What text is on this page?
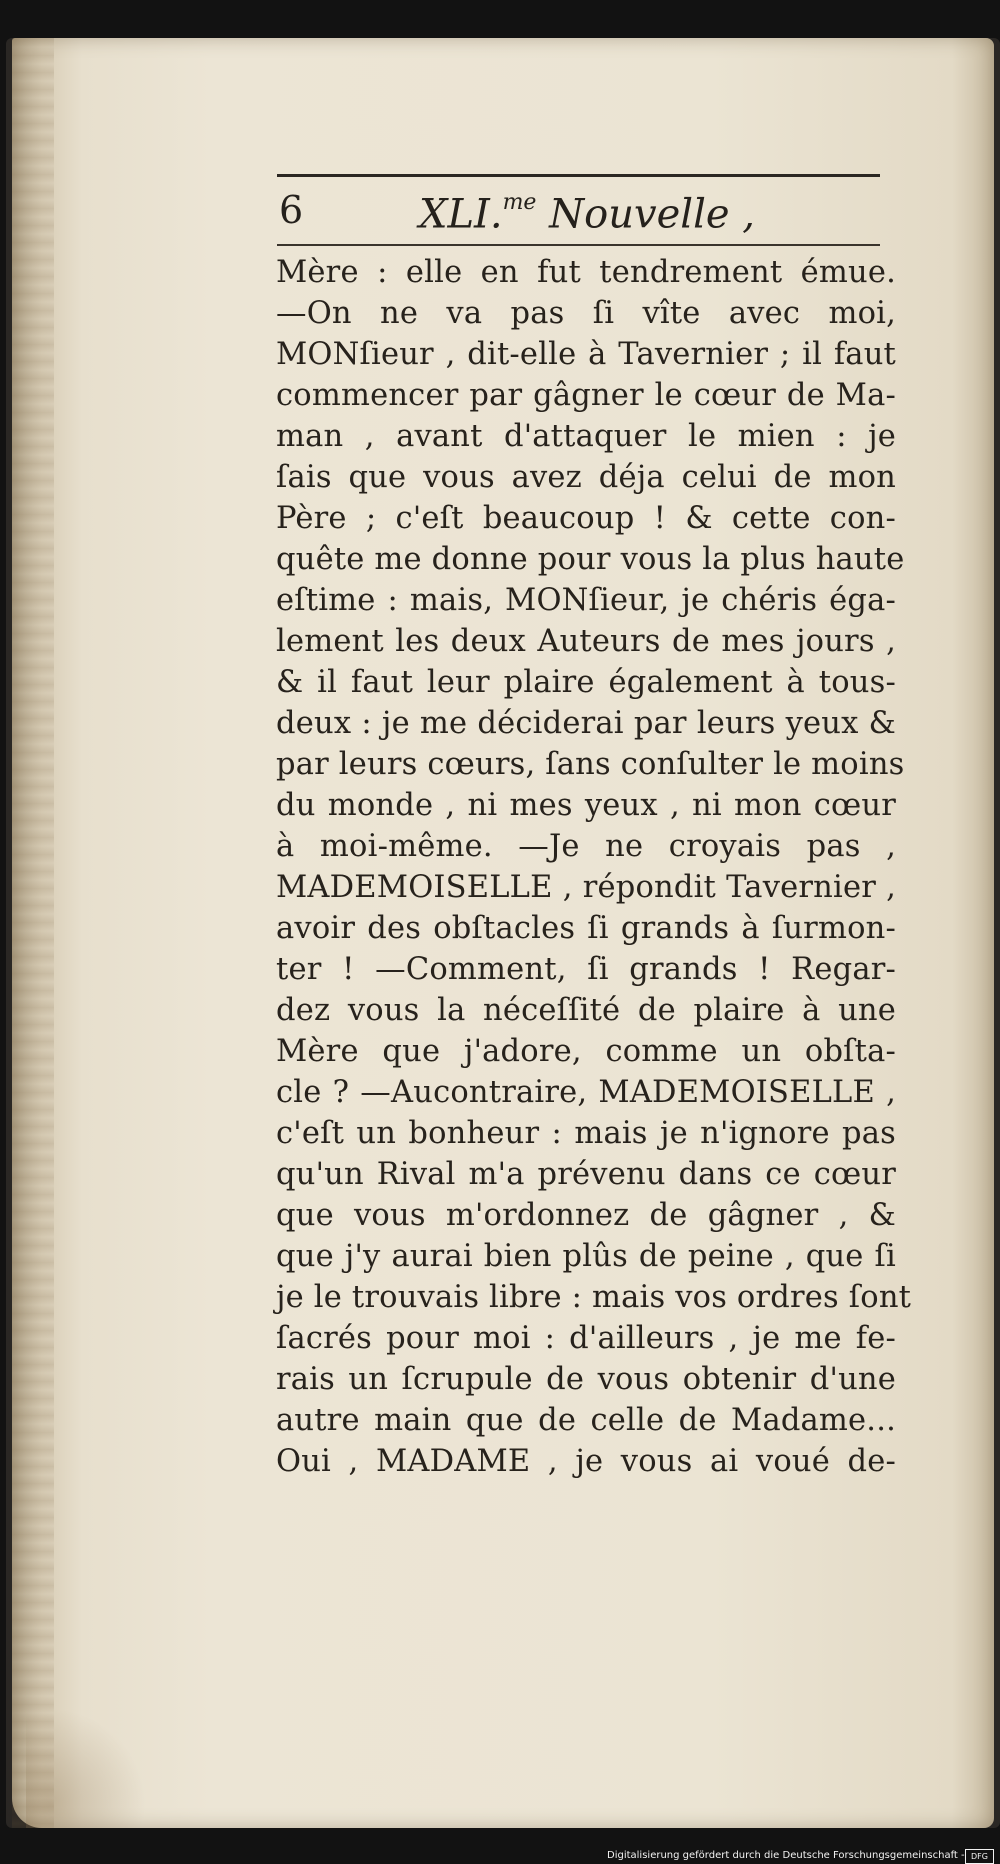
6	XLI.$^{me}$ Nouvelle ,
Mère : elle en fut tendrement émue.
—On ne va pas ſi vîte avec moi,
MONſieur , dit-elle à Tavernier ; il faut
commencer par gâgner le cœur de Ma-
man , avant d'attaquer le mien : je
ſais que vous avez déja celui de mon
Père ; c'eſt beaucoup ! & cette con-
quête me donne pour vous la plus haute
eſtime : mais, MONſieur, je chéris éga-
lement les deux Auteurs de mes jours ,
& il faut leur plaire également à tous-
deux : je me déciderai par leurs yeux &
par leurs cœurs, ſans conſulter le moins
du monde , ni mes yeux , ni mon cœur
à moi-même. —Je ne croyais pas ,
MADEMOISELLE , répondit Tavernier ,
avoir des obſtacles ſi grands à ſurmon-
ter ! —Comment, ſi grands ! Regar-
dez vous la néceſſité de plaire à une
Mère que j'adore, comme un obſta-
cle ? —Aucontraire, MADEMOISELLE ,
c'eſt un bonheur : mais je n'ignore pas
qu'un Rival m'a prévenu dans ce cœur
que vous m'ordonnez de gâgner , &
que j'y aurai bien plûs de peine , que ſi
je le trouvais libre : mais vos ordres ſont
ſacrés pour moi : d'ailleurs , je me fe-
rais un ſcrupule de vous obtenir d'une
autre main que de celle de Madame...
Oui , MADAME , je vous ai voué de-
Digitalisierung gefördert durch die Deutsche Forschungsgemeinschaft - DFG
